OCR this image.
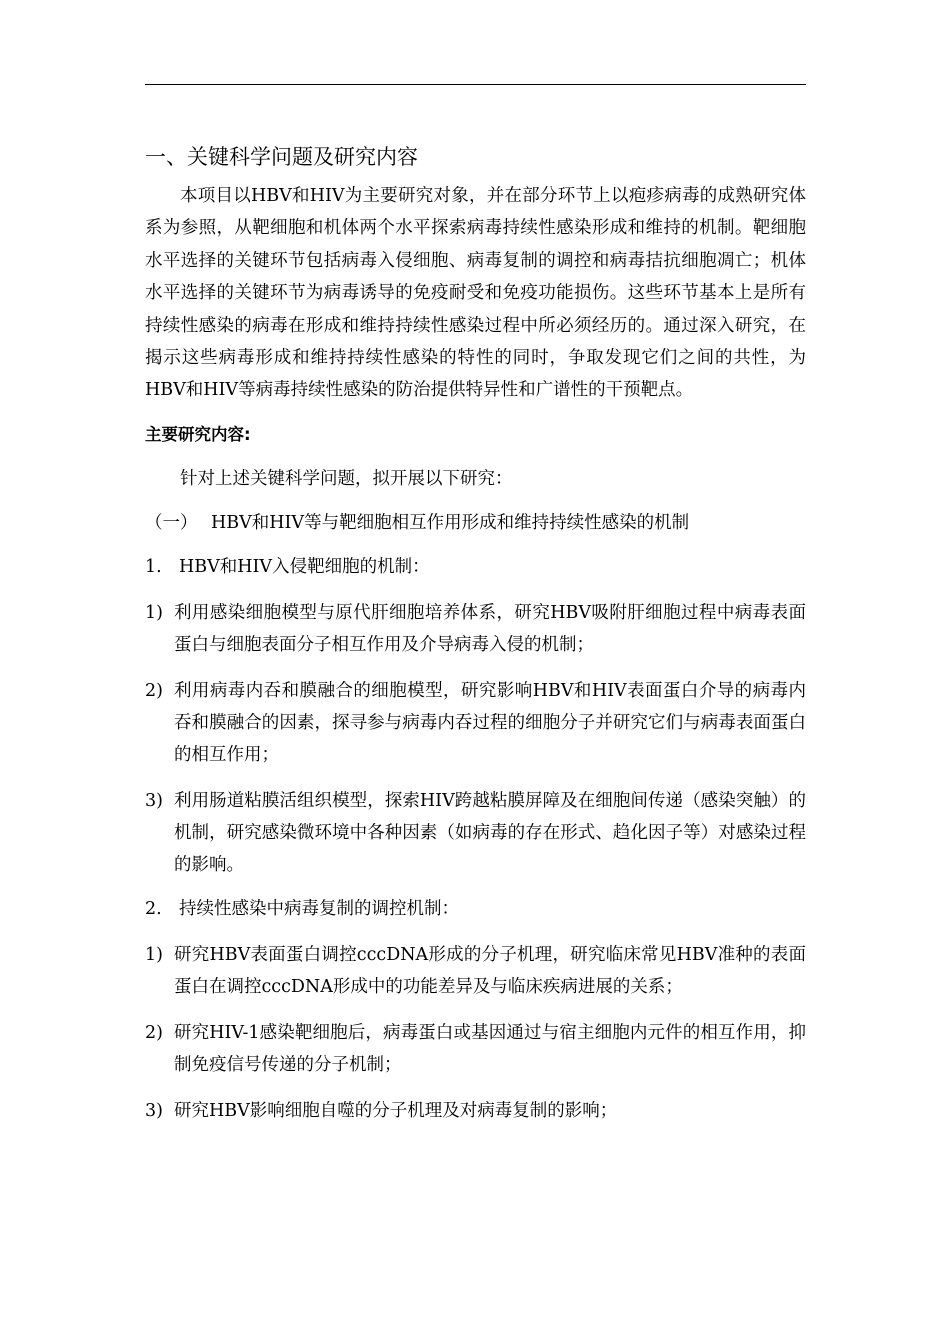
一、关键科学问题及研究内容

本项目以HBV和HIV为主要研究对象，并在部分环节上以疱疹病毒的成熟研究体系为参照，从靶细胞和机体两个水平探索病毒持续性感染形成和维持的机制。靶细胞水平选择的关键环节包括病毒入侵细胞、病毒复制的调控和病毒拮抗细胞凋亡；机体水平选择的关键环节为病毒诱导的免疫耐受和免疫功能损伤。这些环节基本上是所有持续性感染的病毒在形成和维持持续性感染过程中所必须经历的。通过深入研究，在揭示这些病毒形成和维持持续性感染的特性的同时，争取发现它们之间的共性，为HBV和HIV等病毒持续性感染的防治提供特异性和广谱性的干预靶点。

主要研究内容:
针对上述关键科学问题，拟开展以下研究：
（一） HBV和HIV等与靶细胞相互作用形成和维持持续性感染的机制
1. HBV和HIV入侵靶细胞的机制：
1) 利用感染细胞模型与原代肝细胞培养体系，研究HBV吸附肝细胞过程中病毒表面蛋白与细胞表面分子相互作用及介导病毒入侵的机制；
2) 利用病毒内吞和膜融合的细胞模型，研究影响HBV和HIV表面蛋白介导的病毒内吞和膜融合的因素，探寻参与病毒内吞过程的细胞分子并研究它们与病毒表面蛋白的相互作用；
3) 利用肠道粘膜活组织模型，探索HIV跨越粘膜屏障及在细胞间传递（感染突触）的机制，研究感染微环境中各种因素（如病毒的存在形式、趋化因子等）对感染过程的影响。
2. 持续性感染中病毒复制的调控机制：
1) 研究HBV表面蛋白调控cccDNA形成的分子机理，研究临床常见HBV准种的表面蛋白在调控cccDNA形成中的功能差异及与临床疾病进展的关系；
2) 研究HIV-1感染靶细胞后，病毒蛋白或基因通过与宿主细胞内元件的相互作用，抑制免疫信号传递的分子机制；
3) 研究HBV影响细胞自噬的分子机理及对病毒复制的影响；
